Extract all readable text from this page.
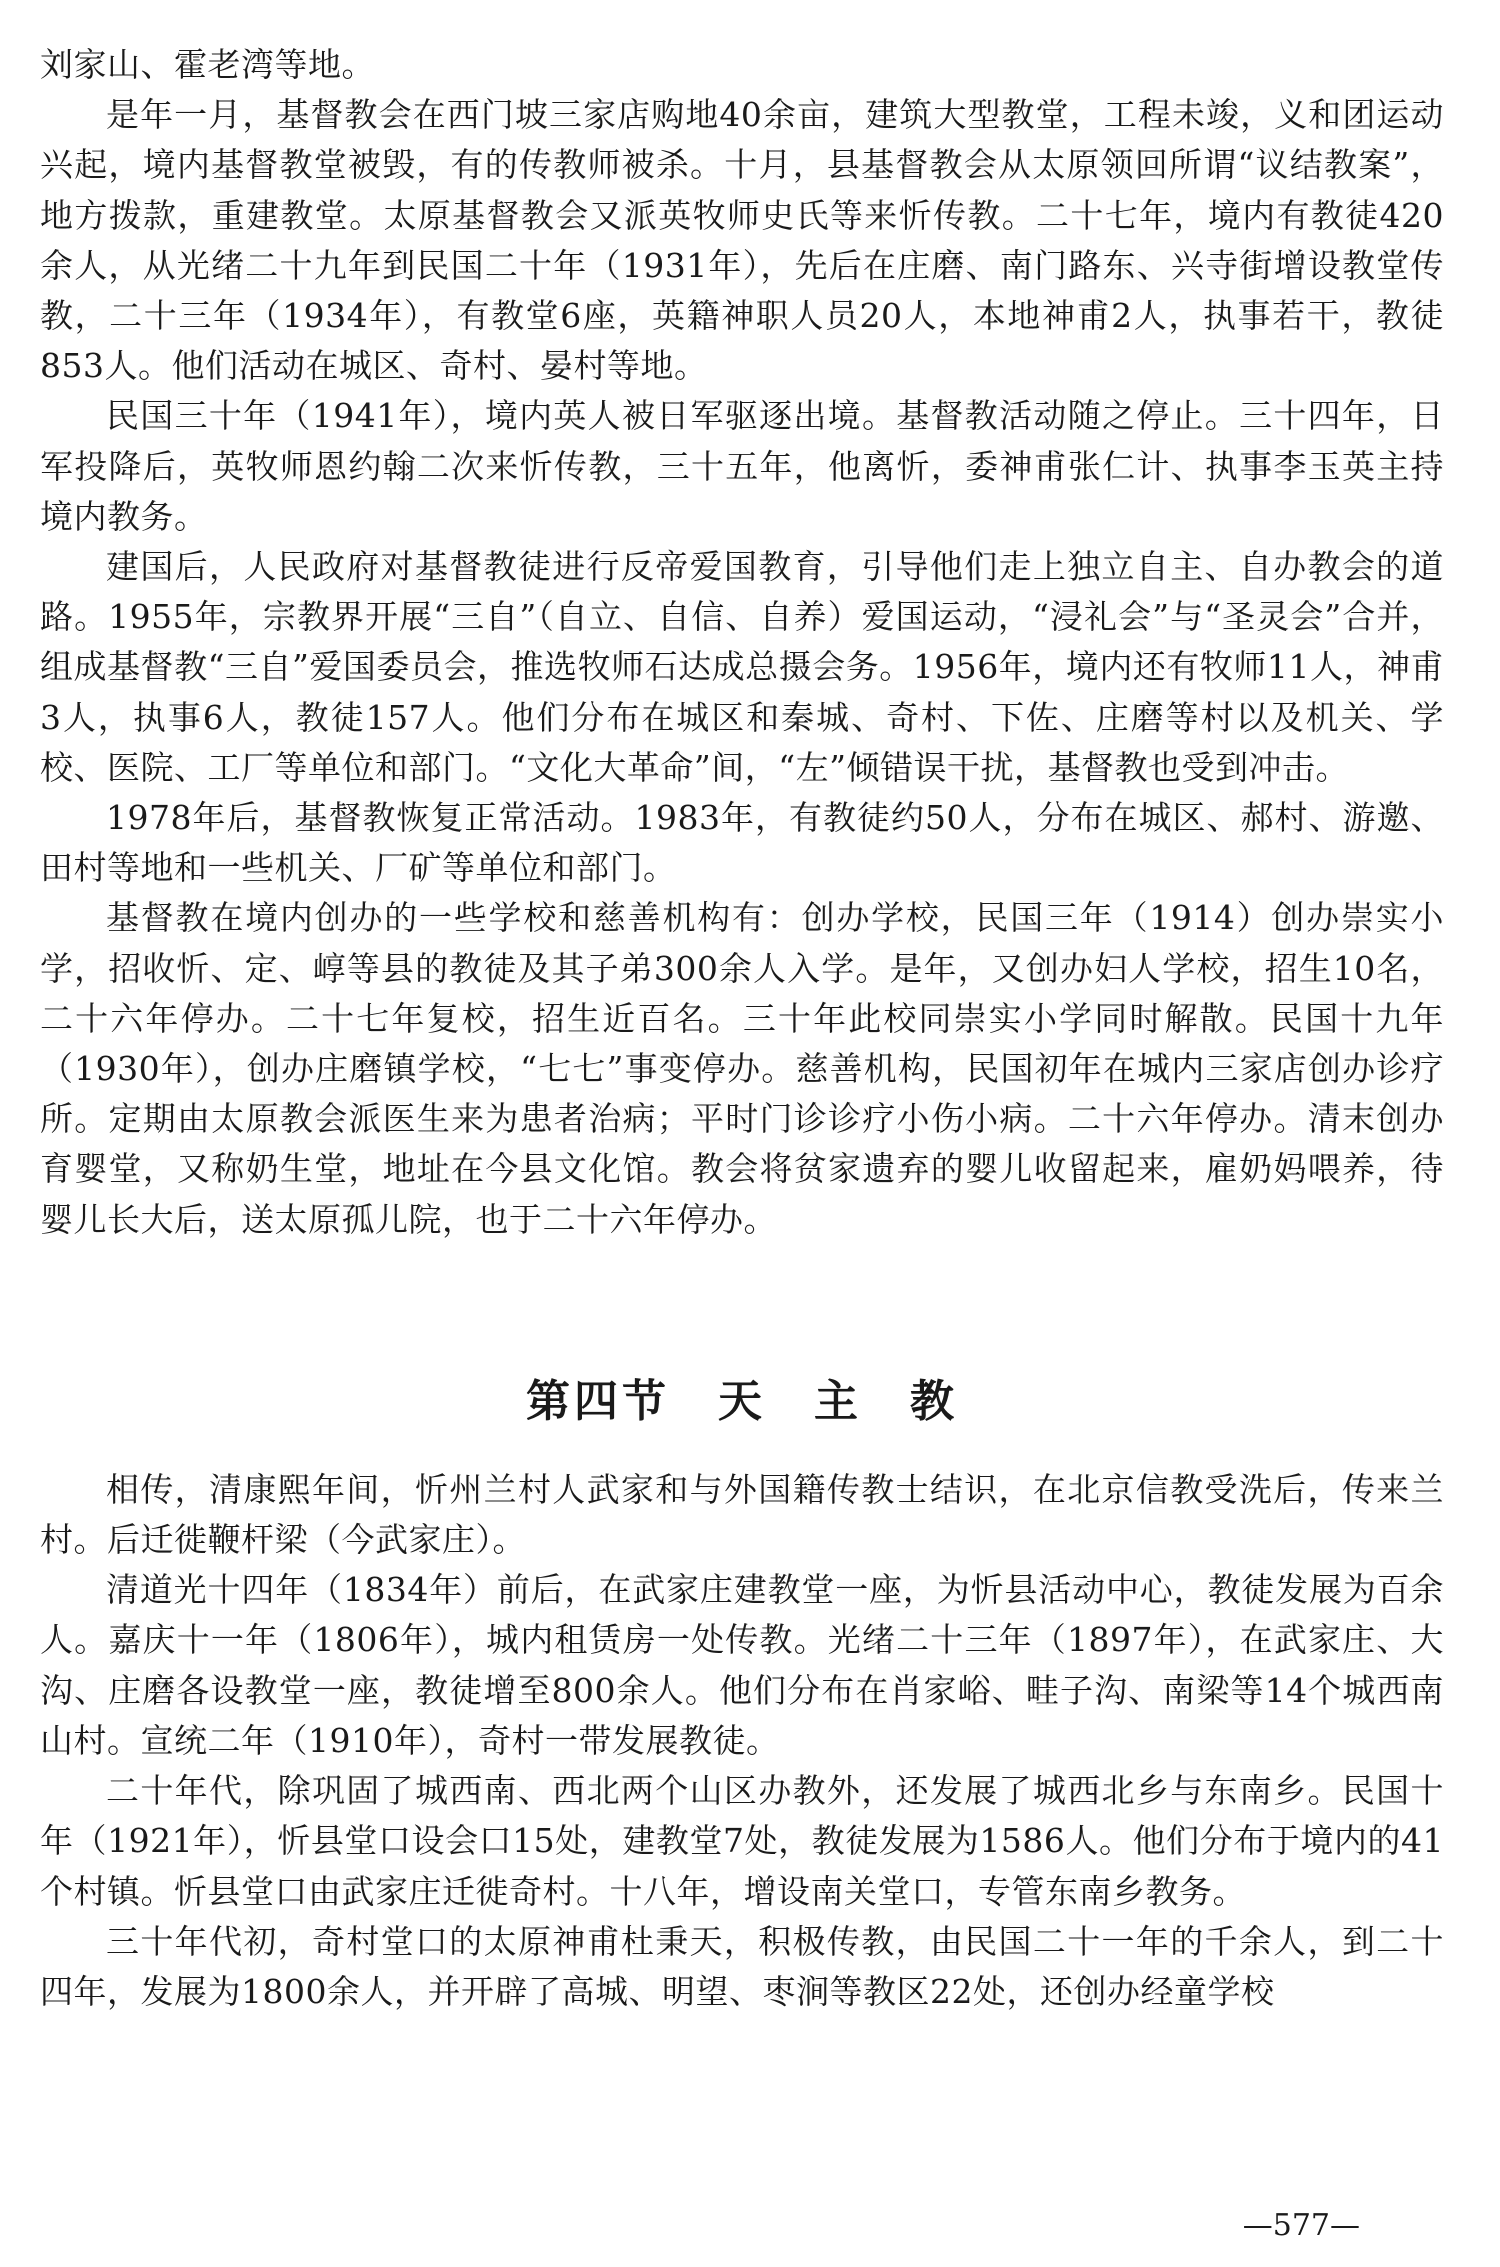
刘家山、霍老湾等地。

是年一月，基督教会在西门坡三家店购地40余亩，建筑大型教堂，工程未竣，义和团运动兴起，境内基督教堂被毁，有的传教师被杀。十月，县基督教会从太原领回所谓“议结教案”，地方拨款，重建教堂。太原基督教会又派英牧师史氏等来忻传教。二十七年，境内有教徒420余人，从光绪二十九年到民国二十年（1931年），先后在庄磨、南门路东、兴寺街增设教堂传教，二十三年（1934年），有教堂6座，英籍神职人员20人，本地神甫2人，执事若干，教徒853人。他们活动在城区、奇村、晏村等地。

民国三十年（1941年），境内英人被日军驱逐出境。基督教活动随之停止。三十四年，日军投降后，英牧师恩约翰二次来忻传教，三十五年，他离忻，委神甫张仁计、执事李玉英主持境内教务。

建国后，人民政府对基督教徒进行反帝爱国教育，引导他们走上独立自主、自办教会的道路。1955年，宗教界开展“三自”（自立、自信、自养）爱国运动，“浸礼会”与“圣灵会”合并，组成基督教“三自”爱国委员会，推选牧师石达成总摄会务。1956年，境内还有牧师11人，神甫3人，执事6人，教徒157人。他们分布在城区和秦城、奇村、下佐、庄磨等村以及机关、学校、医院、工厂等单位和部门。“文化大革命”间，“左”倾错误干扰，基督教也受到冲击。

1978年后，基督教恢复正常活动。1983年，有教徒约50人，分布在城区、郝村、游邀、田村等地和一些机关、厂矿等单位和部门。

基督教在境内创办的一些学校和慈善机构有：创办学校，民国三年（1914）创办崇实小学，招收忻、定、崞等县的教徒及其子弟300余人入学。是年，又创办妇人学校，招生10名，二十六年停办。二十七年复校，招生近百名。三十年此校同崇实小学同时解散。民国十九年（1930年），创办庄磨镇学校，“七七”事变停办。慈善机构，民国初年在城内三家店创办诊疗所。定期由太原教会派医生来为患者治病；平时门诊诊疗小伤小病。二十六年停办。清末创办育婴堂，又称奶生堂，地址在今县文化馆。教会将贫家遗弃的婴儿收留起来，雇奶妈喂养，待婴儿长大后，送太原孤儿院，也于二十六年停办。

第四节　天　主　教

相传，清康熙年间，忻州兰村人武家和与外国籍传教士结识，在北京信教受洗后，传来兰村。后迁徙鞭杆梁（今武家庄）。

清道光十四年（1834年）前后，在武家庄建教堂一座，为忻县活动中心，教徒发展为百余人。嘉庆十一年（1806年），城内租赁房一处传教。光绪二十三年（1897年），在武家庄、大沟、庄磨各设教堂一座，教徒增至800余人。他们分布在肖家峪、畦子沟、南梁等14个城西南山村。宣统二年（1910年），奇村一带发展教徒。

二十年代，除巩固了城西南、西北两个山区办教外，还发展了城西北乡与东南乡。民国十年（1921年），忻县堂口设会口15处，建教堂7处，教徒发展为1586人。他们分布于境内的41个村镇。忻县堂口由武家庄迁徙奇村。十八年，增设南关堂口，专管东南乡教务。

三十年代初，奇村堂口的太原神甫杜秉天，积极传教，由民国二十一年的千余人，到二十四年，发展为1800余人，并开辟了高城、明望、枣涧等教区22处，还创办经童学校

—577—
